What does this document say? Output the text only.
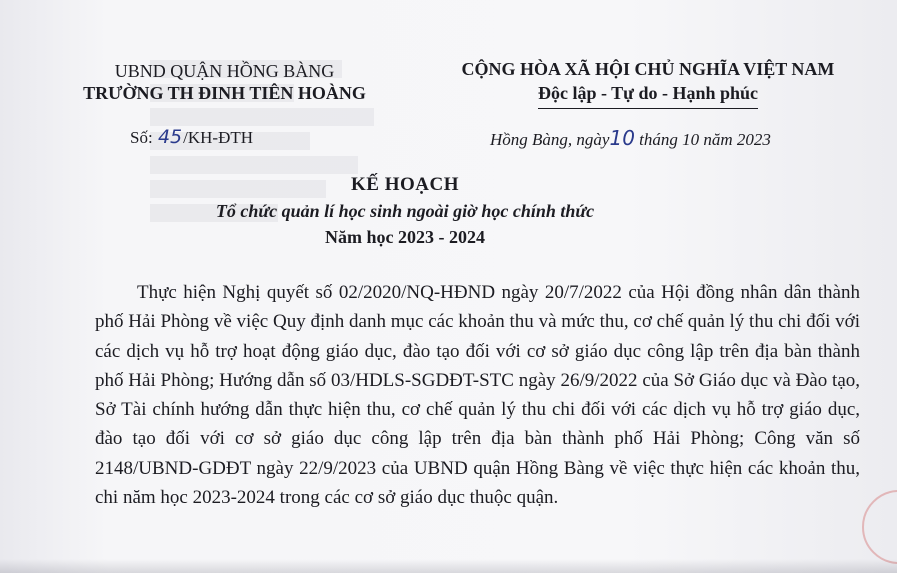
UBND QUẬN HỒNG BÀNG
TRƯỜNG TH ĐINH TIÊN HOÀNG
CỘNG HÒA XÃ HỘI CHỦ NGHĨA VIỆT NAM
Độc lập - Tự do - Hạnh phúc
Số: 45/KH-ĐTH	Hồng Bàng, ngày10 tháng 10 năm 2023
KẾ HOẠCH
Tổ chức quản lí học sinh ngoài giờ học chính thức
Năm học 2023 - 2024

Thực hiện Nghị quyết số 02/2020/NQ-HĐND ngày 20/7/2022 của Hội đồng nhân dân thành phố Hải Phòng về việc Quy định danh mục các khoản thu và mức thu, cơ chế quản lý thu chi đối với các dịch vụ hỗ trợ hoạt động giáo dục, đào tạo đối với cơ sở giáo dục công lập trên địa bàn thành phố Hải Phòng; Hướng dẫn số 03/HDLS-SGDĐT-STC ngày 26/9/2022 của Sở Giáo dục và Đào tạo, Sở Tài chính hướng dẫn thực hiện thu, cơ chế quản lý thu chi đối với các dịch vụ hỗ trợ giáo dục, đào tạo đối với cơ sở giáo dục công lập trên địa bàn thành phố Hải Phòng; Công văn số 2148/UBND-GDĐT ngày 22/9/2023 của UBND quận Hồng Bàng về việc thực hiện các khoản thu, chi năm học 2023-2024 trong các cơ sở giáo dục thuộc quận.
